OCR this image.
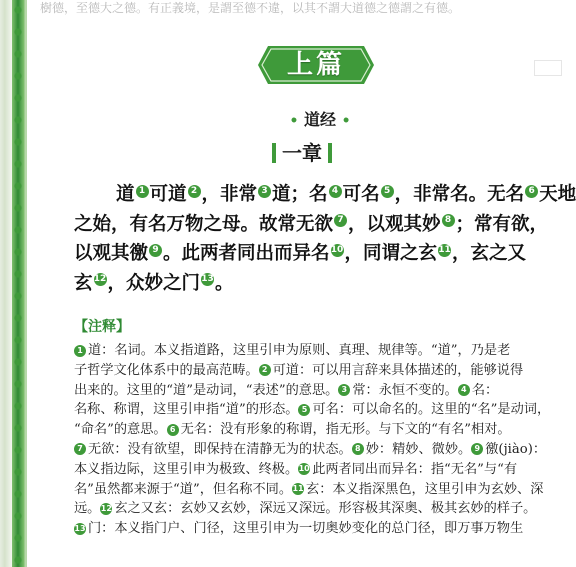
樹德，至德大之德。有正義境，是謂至德不違，以其不謂大道德之德謂之有德。
上篇
• 道经 •
一章
道 1 可道 2 ，非常 3 道；名 4 可名 5 ，非常名。无名 6 天地
之始，有名万物之母。故常无欲 7 ，以观其妙 8 ；常有欲，
以观其徼 9 。此两者同出而异名10，同谓之玄11，玄之又
玄12，众妙之门13。
【注释】
1 道：名词。本义指道路，这里引申为原则、真理、规律等。“道”，乃是老
子哲学文化体系中的最高范畴。 2 可道：可以用言辞来具体描述的，能够说得
出来的。这里的“道”是动词，“表述”的意思。 3 常：永恒不变的。 4 名：
名称、称谓，这里引申指“道”的形态。 5 可名：可以命名的。这里的“名”是动词，
“命名”的意思。 6 无名：没有形象的称谓，指无形。与下文的“有名”相对。
7 无欲：没有欲望，即保持在清静无为的状态。 8 妙：精妙、微妙。 9 徼(jiào)：
本义指边际，这里引申为极致、终极。10 此两者同出而异名：指“无名”与“有
名”虽然都来源于“道”，但名称不同。11 玄：本义指深黑色，这里引申为玄妙、深
远。12 玄之又玄：玄妙又玄妙，深远又深远。形容极其深奥、极其玄妙的样子。
13 门：本义指门户、门径，这里引申为一切奥妙变化的总门径，即万事万物生
